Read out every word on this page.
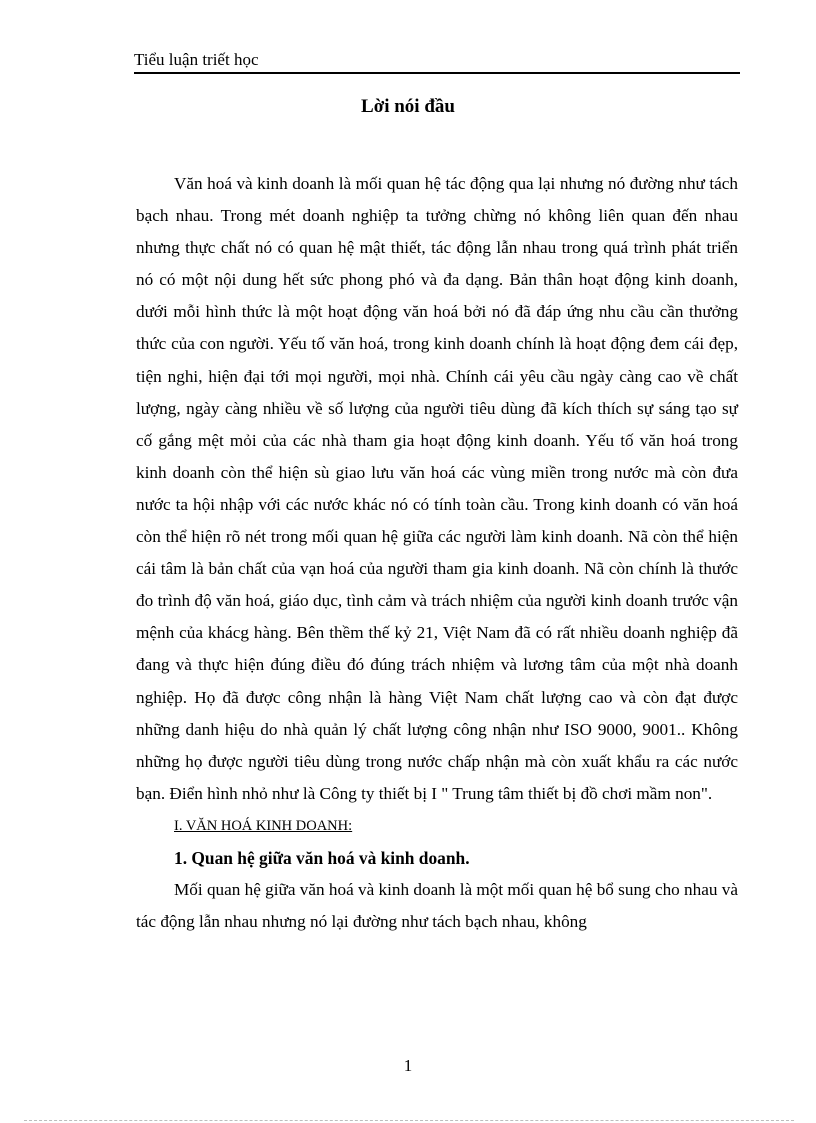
Tiểu luận triết học
Lời nói đầu

Văn hoá và kinh doanh là mối quan hệ tác động qua lại nhưng nó đường như tách bạch nhau. Trong mét doanh nghiệp ta tưởng chừng nó không liên quan đến nhau nhưng thực chất nó có quan hệ mật thiết, tác động lẫn nhau trong quá trình phát triển nó có một nội dung hết sức phong phó và đa dạng. Bản thân hoạt động kinh doanh, dưới mỗi hình thức là một hoạt động văn hoá bởi nó đã đáp ứng nhu cầu cần thưởng thức của con người. Yếu tố văn hoá, trong kinh doanh chính là hoạt động đem cái đẹp, tiện nghi, hiện đại tới mọi người, mọi nhà. Chính cái yêu cầu ngày càng cao về chất lượng, ngày càng nhiều về số lượng của người tiêu dùng đã kích thích sự sáng tạo sự cố gắng mệt mỏi của các nhà tham gia hoạt động kinh doanh. Yếu tố văn hoá trong kinh doanh còn thể hiện sù giao lưu văn hoá các vùng miền trong nước mà còn đưa nước ta hội nhập với các nước khác nó có tính toàn cầu. Trong kinh doanh có văn hoá còn thể hiện rõ nét trong mối quan hệ giữa các người làm kinh doanh. Nã còn thể hiện cái tâm là bản chất của vạn hoá của người tham gia kinh doanh. Nã còn chính là thước đo trình độ văn hoá, giáo dục, tình cảm và trách nhiệm của người kinh doanh trước vận mệnh của khácg hàng. Bên thềm thế kỷ 21, Việt Nam đã có rất nhiều doanh nghiệp đã đang và thực hiện đúng điều đó đúng trách nhiệm và lương tâm của một nhà doanh nghiệp. Họ đã được công nhận là hàng Việt Nam chất lượng cao và còn đạt được những danh hiệu do nhà quản lý chất lượng công nhận như ISO 9000, 9001.. Không những họ được người tiêu dùng trong nước chấp nhận mà còn xuất khẩu ra các nước bạn. Điển hình nhỏ như là Công ty thiết bị I " Trung tâm thiết bị đồ chơi mầm non".

I. VĂN HOÁ KINH DOANH:

1. Quan hệ giữa văn hoá và kinh doanh.

Mối quan hệ giữa văn hoá và kinh doanh là một mối quan hệ bổ sung cho nhau và tác động lẫn nhau nhưng nó lại đường như tách bạch nhau, không

1
